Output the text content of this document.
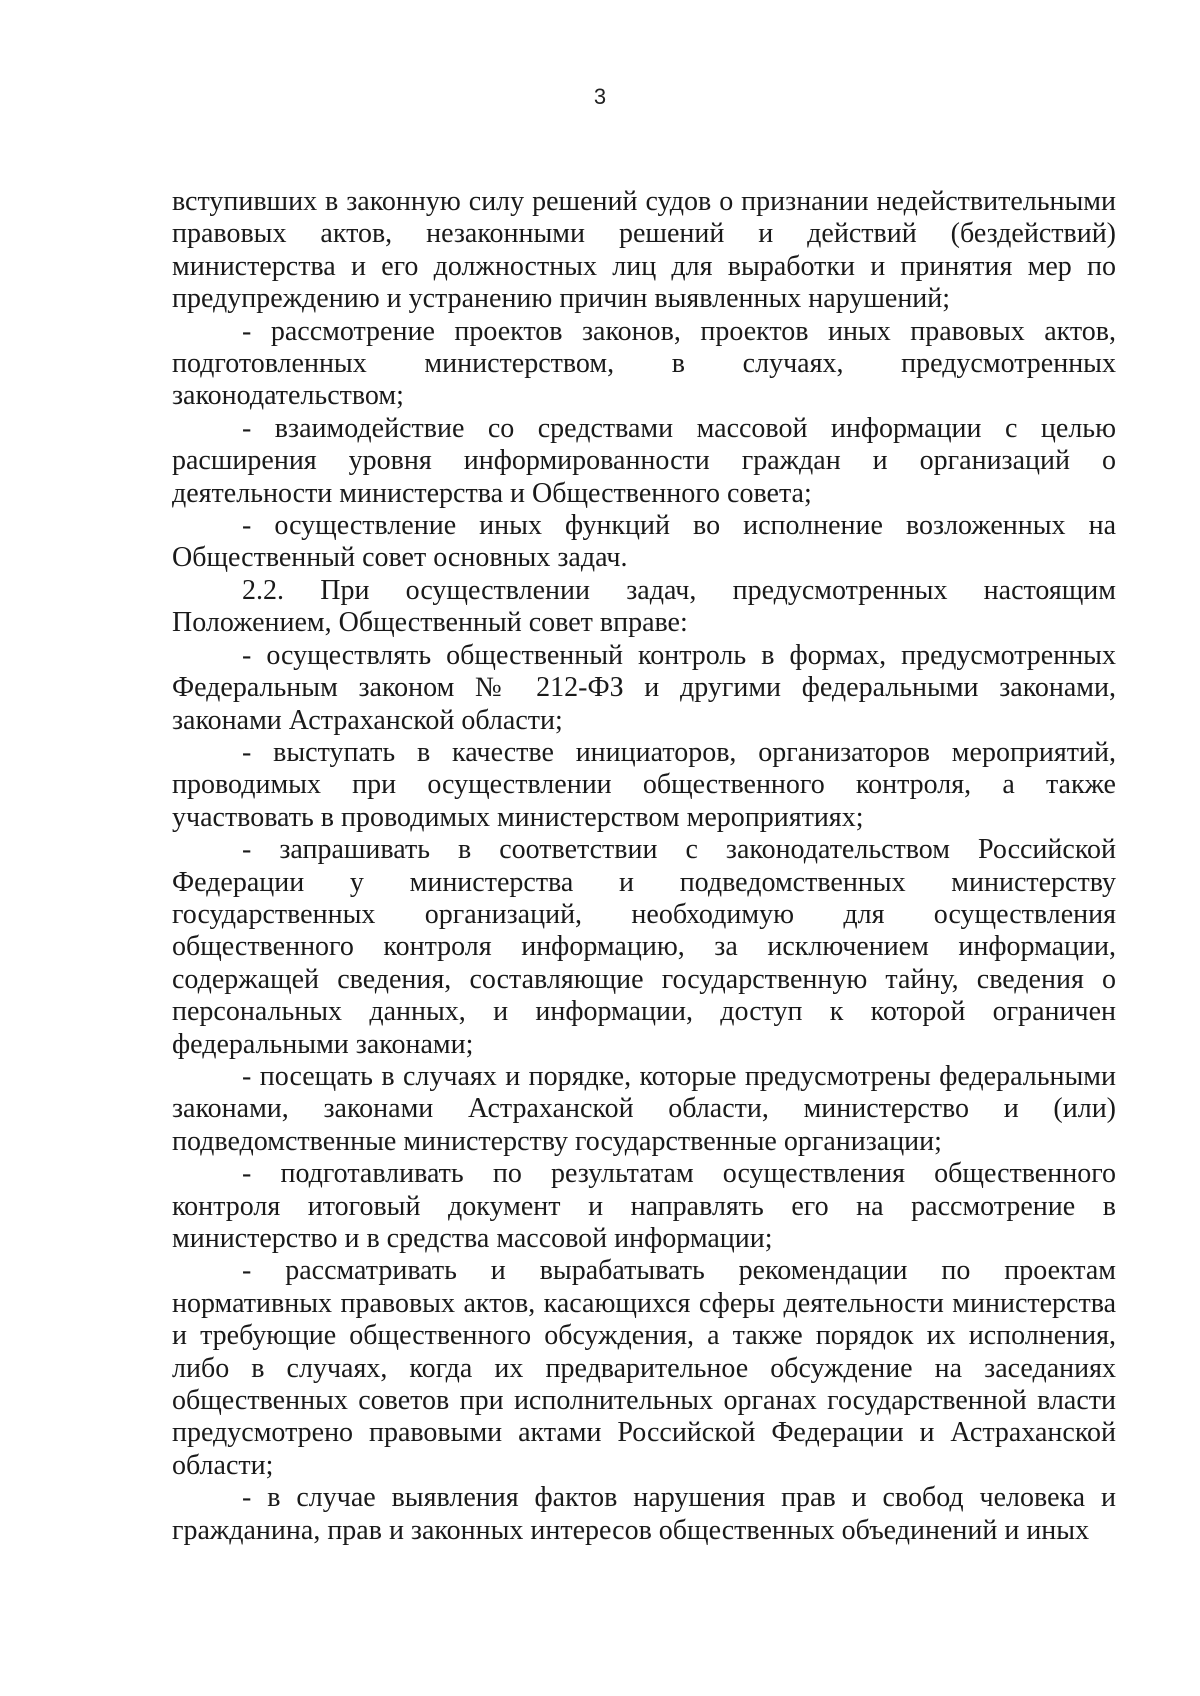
3

вступивших в законную силу решений судов о признании недействительными правовых актов, незаконными решений и действий (бездействий) министерства и его должностных лиц для выработки и принятия мер по предупреждению и устранению причин выявленных нарушений;

- рассмотрение проектов законов, проектов иных правовых актов, подготовленных министерством, в случаях, предусмотренных законодательством;

- взаимодействие со средствами массовой информации с целью расширения уровня информированности граждан и организаций о деятельности министерства и Общественного совета;

- осуществление иных функций во исполнение возложенных на Общественный совет основных задач.

2.2. При осуществлении задач, предусмотренных настоящим Положением, Общественный совет вправе:

- осуществлять общественный контроль в формах, предусмотренных Федеральным законом № 212-ФЗ и другими федеральными законами, законами Астраханской области;

- выступать в качестве инициаторов, организаторов мероприятий, проводимых при осуществлении общественного контроля, а также участвовать в проводимых министерством мероприятиях;

- запрашивать в соответствии с законодательством Российской Федерации у министерства и подведомственных министерству государственных организаций, необходимую для осуществления общественного контроля информацию, за исключением информации, содержащей сведения, составляющие государственную тайну, сведения о персональных данных, и информации, доступ к которой ограничен федеральными законами;

- посещать в случаях и порядке, которые предусмотрены федеральными законами, законами Астраханской области, министерство и (или) подведомственные министерству государственные организации;

- подготавливать по результатам осуществления общественного контроля итоговый документ и направлять его на рассмотрение в министерство и в средства массовой информации;

- рассматривать и вырабатывать рекомендации по проектам нормативных правовых актов, касающихся сферы деятельности министерства и требующие общественного обсуждения, а также порядок их исполнения, либо в случаях, когда их предварительное обсуждение на заседаниях общественных советов при исполнительных органах государственной власти предусмотрено правовыми актами Российской Федерации и Астраханской области;

- в случае выявления фактов нарушения прав и свобод человека и гражданина, прав и законных интересов общественных объединений и иных
